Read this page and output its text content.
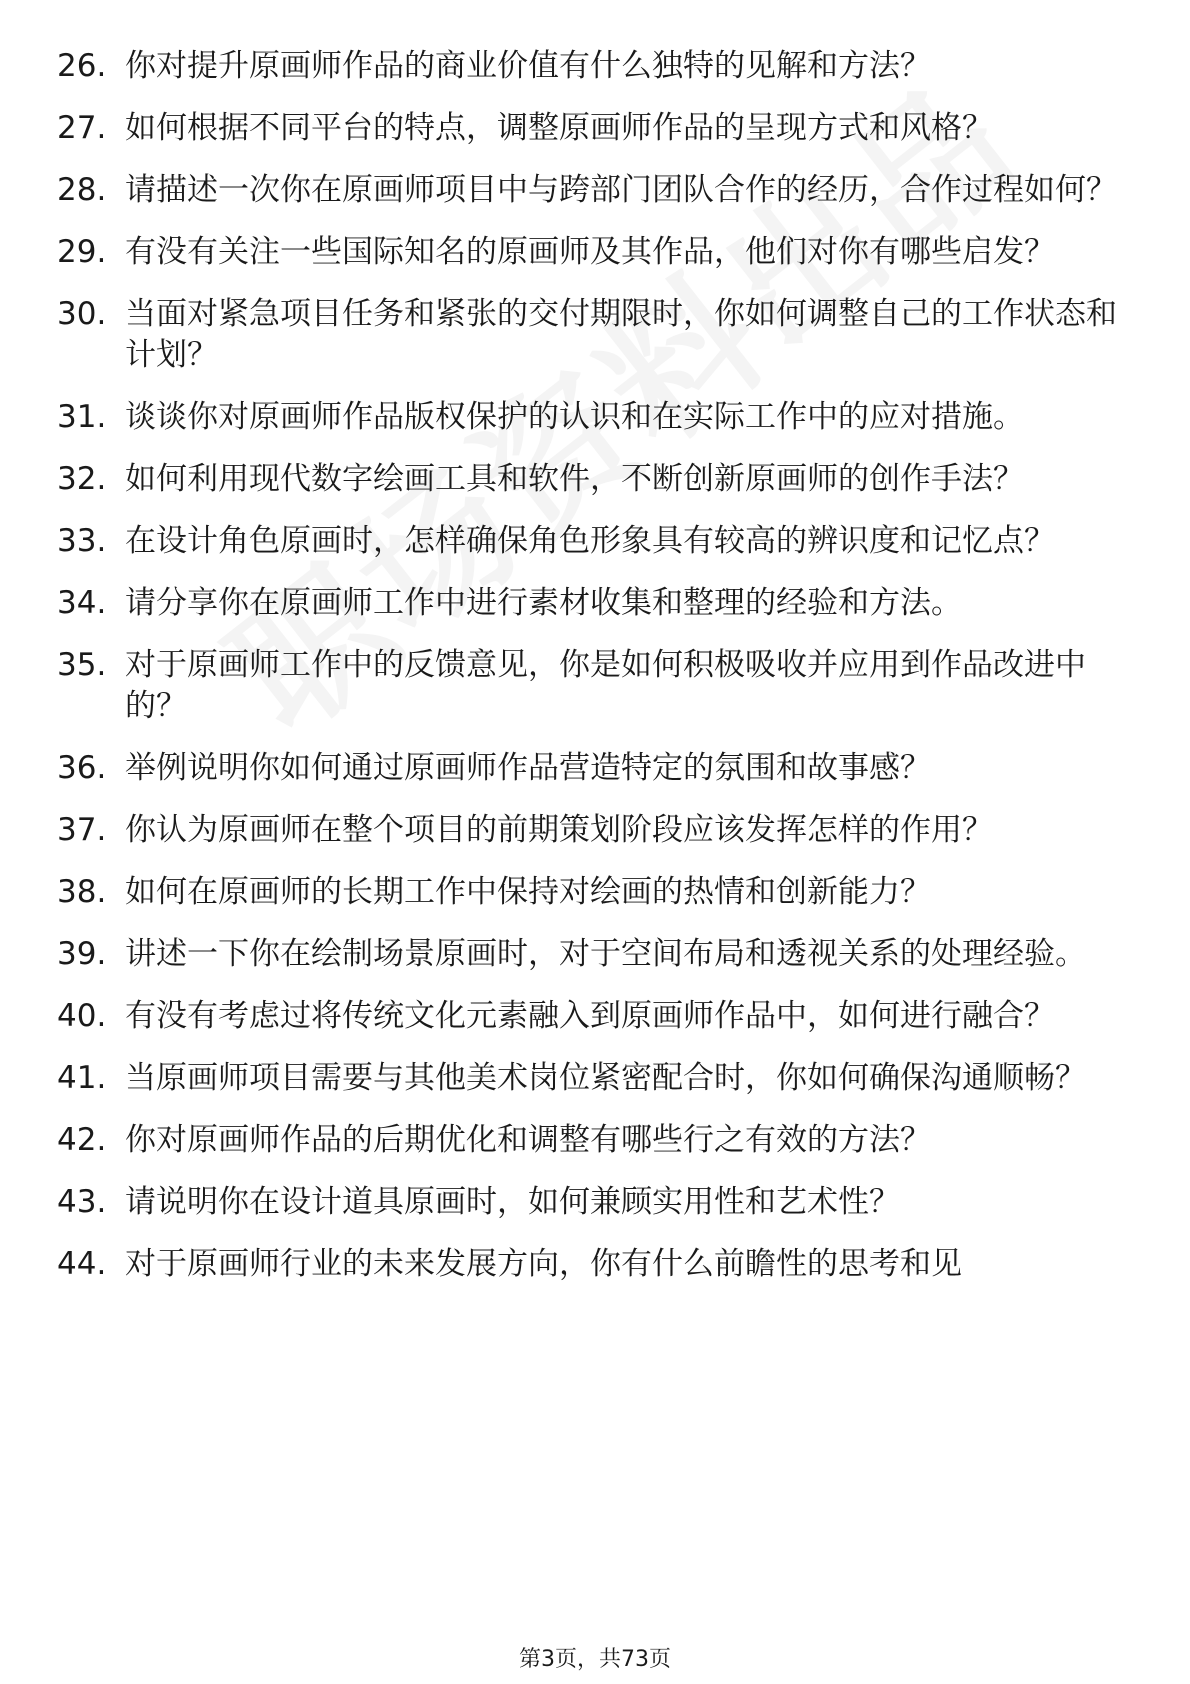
26. 你对提升原画师作品的商业价值有什么独特的见解和方法？
27. 如何根据不同平台的特点，调整原画师作品的呈现方式和风格？
28. 请描述一次你在原画师项目中与跨部门团队合作的经历，合作过程如何？
29. 有没有关注一些国际知名的原画师及其作品，他们对你有哪些启发？
30. 当面对紧急项目任务和紧张的交付期限时，你如何调整自己的工作状态和计划？
31. 谈谈你对原画师作品版权保护的认识和在实际工作中的应对措施。
32. 如何利用现代数字绘画工具和软件，不断创新原画师的创作手法？
33. 在设计角色原画时，怎样确保角色形象具有较高的辨识度和记忆点？
34. 请分享你在原画师工作中进行素材收集和整理的经验和方法。
35. 对于原画师工作中的反馈意见，你是如何积极吸收并应用到作品改进中的？
36. 举例说明你如何通过原画师作品营造特定的氛围和故事感？
37. 你认为原画师在整个项目的前期策划阶段应该发挥怎样的作用？
38. 如何在原画师的长期工作中保持对绘画的热情和创新能力？
39. 讲述一下你在绘制场景原画时，对于空间布局和透视关系的处理经验。
40. 有没有考虑过将传统文化元素融入到原画师作品中，如何进行融合？
41. 当原画师项目需要与其他美术岗位紧密配合时，你如何确保沟通顺畅？
42. 你对原画师作品的后期优化和调整有哪些行之有效的方法？
43. 请说明你在设计道具原画时，如何兼顾实用性和艺术性？
44. 对于原画师行业的未来发展方向，你有什么前瞻性的思考和见
第3页，共73页
